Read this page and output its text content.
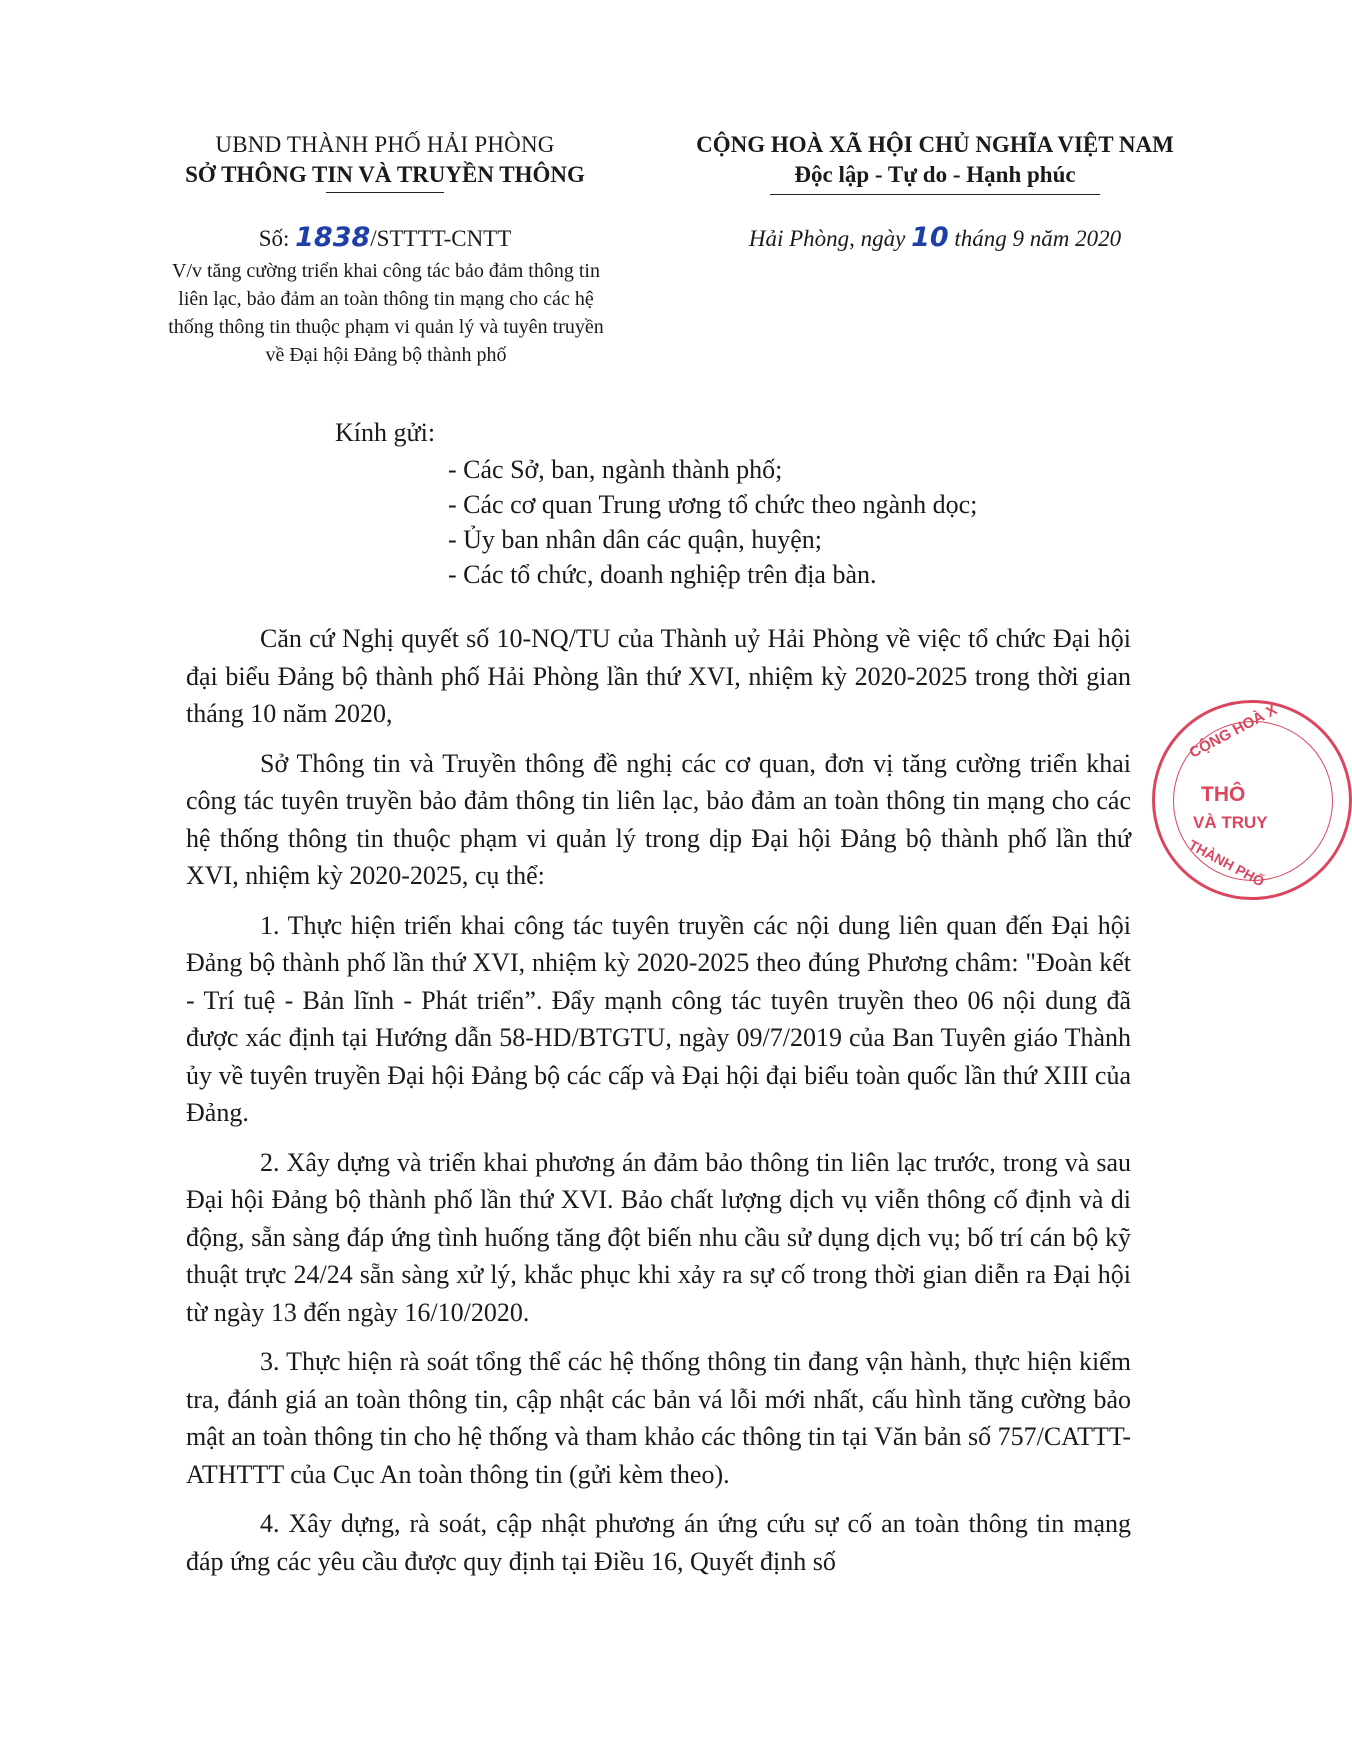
UBND THÀNH PHỐ HẢI PHÒNG
SỞ THÔNG TIN VÀ TRUYỀN THÔNG
CỘNG HOÀ XÃ HỘI CHỦ NGHĨA VIỆT NAM
Độc lập - Tự do - Hạnh phúc
Số: 1838/STTTT-CNTT
V/v tăng cường triển khai công tác bảo đảm thông tin
liên lạc, bảo đảm an toàn thông tin mạng cho các hệ
thống thông tin thuộc phạm vi quản lý và tuyên truyền
về Đại hội Đảng bộ thành phố
Hải Phòng, ngày 10 tháng 9 năm 2020
Kính gửi:
- Các Sở, ban, ngành thành phố;
- Các cơ quan Trung ương tổ chức theo ngành dọc;
- Ủy ban nhân dân các quận, huyện;
- Các tổ chức, doanh nghiệp trên địa bàn.

Căn cứ Nghị quyết số 10-NQ/TU của Thành uỷ Hải Phòng về việc tổ chức Đại hội đại biểu Đảng bộ thành phố Hải Phòng lần thứ XVI, nhiệm kỳ 2020-2025 trong thời gian tháng 10 năm 2020,

Sở Thông tin và Truyền thông đề nghị các cơ quan, đơn vị tăng cường triển khai công tác tuyên truyền bảo đảm thông tin liên lạc, bảo đảm an toàn thông tin mạng cho các hệ thống thông tin thuộc phạm vi quản lý trong dịp Đại hội Đảng bộ thành phố lần thứ XVI, nhiệm kỳ 2020-2025, cụ thể:

1. Thực hiện triển khai công tác tuyên truyền các nội dung liên quan đến Đại hội Đảng bộ thành phố lần thứ XVI, nhiệm kỳ 2020-2025 theo đúng Phương châm: "Đoàn kết - Trí tuệ - Bản lĩnh - Phát triển”. Đẩy mạnh công tác tuyên truyền theo 06 nội dung đã được xác định tại Hướng dẫn 58-HD/BTGTU, ngày 09/7/2019 của Ban Tuyên giáo Thành ủy về tuyên truyền Đại hội Đảng bộ các cấp và Đại hội đại biểu toàn quốc lần thứ XIII của Đảng.

2. Xây dựng và triển khai phương án đảm bảo thông tin liên lạc trước, trong và sau Đại hội Đảng bộ thành phố lần thứ XVI. Bảo chất lượng dịch vụ viễn thông cố định và di động, sẵn sàng đáp ứng tình huống tăng đột biến nhu cầu sử dụng dịch vụ; bố trí cán bộ kỹ thuật trực 24/24 sẵn sàng xử lý, khắc phục khi xảy ra sự cố trong thời gian diễn ra Đại hội từ ngày 13 đến ngày 16/10/2020.

3. Thực hiện rà soát tổng thể các hệ thống thông tin đang vận hành, thực hiện kiểm tra, đánh giá an toàn thông tin, cập nhật các bản vá lỗi mới nhất, cấu hình tăng cường bảo mật an toàn thông tin cho hệ thống và tham khảo các thông tin tại Văn bản số 757/CATTT-ATHTTT của Cục An toàn thông tin (gửi kèm theo).

4. Xây dựng, rà soát, cập nhật phương án ứng cứu sự cố an toàn thông tin mạng đáp ứng các yêu cầu được quy định tại Điều 16, Quyết định số

CỘNG HOÀ X
THÔ
VÀ TRUY
THÀNH PHỐ
